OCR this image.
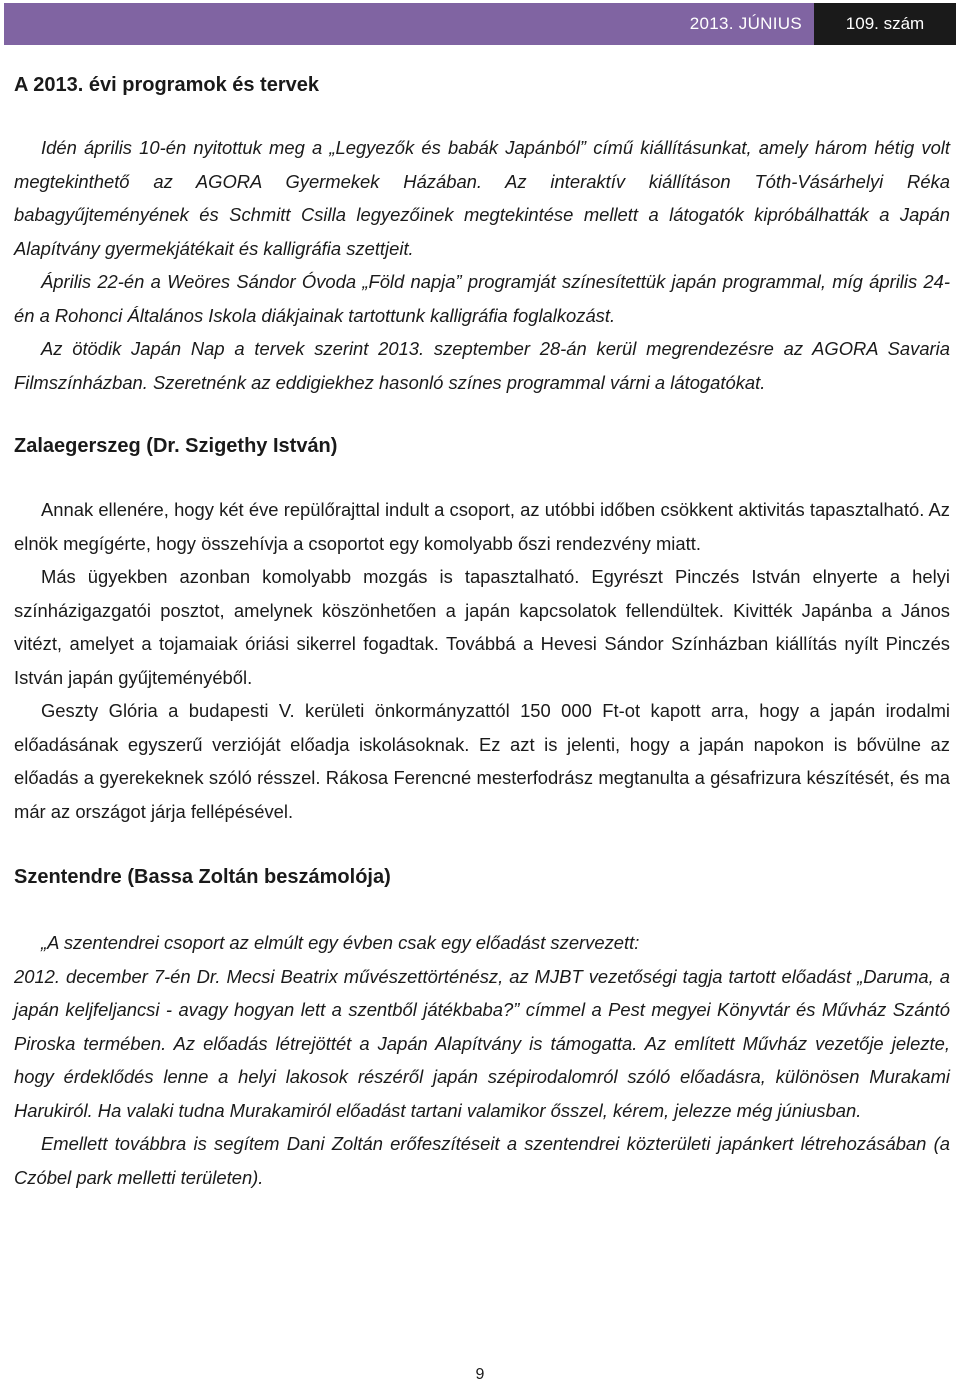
2013. JÚNIUS	109. szám
A 2013. évi programok és tervek

Idén április 10-én nyitottuk meg a „Legyezők és babák Japánból” című kiállításunkat, amely három hétig volt megtekinthető az AGORA Gyermekek Házában. Az interaktív kiállításon Tóth-Vásárhelyi Réka babagyűjteményének és Schmitt Csilla legyezőinek megtekintése mellett a látogatók kipróbálhatták a Japán Alapítvány gyermekjátékait és kalligráfia szettjeit.

Április 22-én a Weöres Sándor Óvoda „Föld napja” programját színesítettük japán programmal, míg április 24-én a Rohonci Általános Iskola diákjainak tartottunk kalligráfia foglalkozást.

Az ötödik Japán Nap a tervek szerint 2013. szeptember 28-án kerül megrendezésre az AGORA Savaria Filmszínházban. Szeretnénk az eddigiekhez hasonló színes programmal várni a látogatókat.

Zalaegerszeg (Dr. Szigethy István)

Annak ellenére, hogy két éve repülőrajttal indult a csoport, az utóbbi időben csökkent aktivitás tapasztalható. Az elnök megígérte, hogy összehívja a csoportot egy komolyabb őszi rendezvény miatt.

Más ügyekben azonban komolyabb mozgás is tapasztalható. Egyrészt Pinczés István elnyerte a helyi színházigazgatói posztot, amelynek köszönhetően a japán kapcsolatok fellendültek. Kivitték Japánba a János vitézt, amelyet a tojamaiak óriási sikerrel fogadtak. Továbbá a Hevesi Sándor Színházban kiállítás nyílt Pinczés István japán gyűjteményéből.

Geszty Glória a budapesti V. kerületi önkormányzattól 150 000 Ft-ot kapott arra, hogy a japán irodalmi előadásának egyszerű verzióját előadja iskolásoknak. Ez azt is jelenti, hogy a japán napokon is bővülne az előadás a gyerekeknek szóló résszel. Rákosa Ferencné mesterfodrász megtanulta a gésafrizura készítését, és ma már az országot járja fellépésével.

Szentendre (Bassa Zoltán beszámolója)

„A szentendrei csoport az elmúlt egy évben csak egy előadást szervezett:

2012. december 7-én Dr. Mecsi Beatrix művészettörténész, az MJBT vezetőségi tagja tartott előadást „Daruma, a japán keljfeljancsi - avagy hogyan lett a szentből játékbaba?” címmel a Pest megyei Könyvtár és Művház Szántó Piroska termében. Az előadás létrejöttét a Japán Alapítvány is támogatta. Az említett Művház vezetője jelezte, hogy érdeklődés lenne a helyi lakosok részéről japán szépirodalomról szóló előadásra, különösen Murakami Harukiról. Ha valaki tudna Murakamiról előadást tartani valamikor ősszel, kérem, jelezze még júniusban.

Emellett továbbra is segítem Dani Zoltán erőfeszítéseit a szentendrei közterületi japánkert létrehozásában (a Czóbel park melletti területen).

9
